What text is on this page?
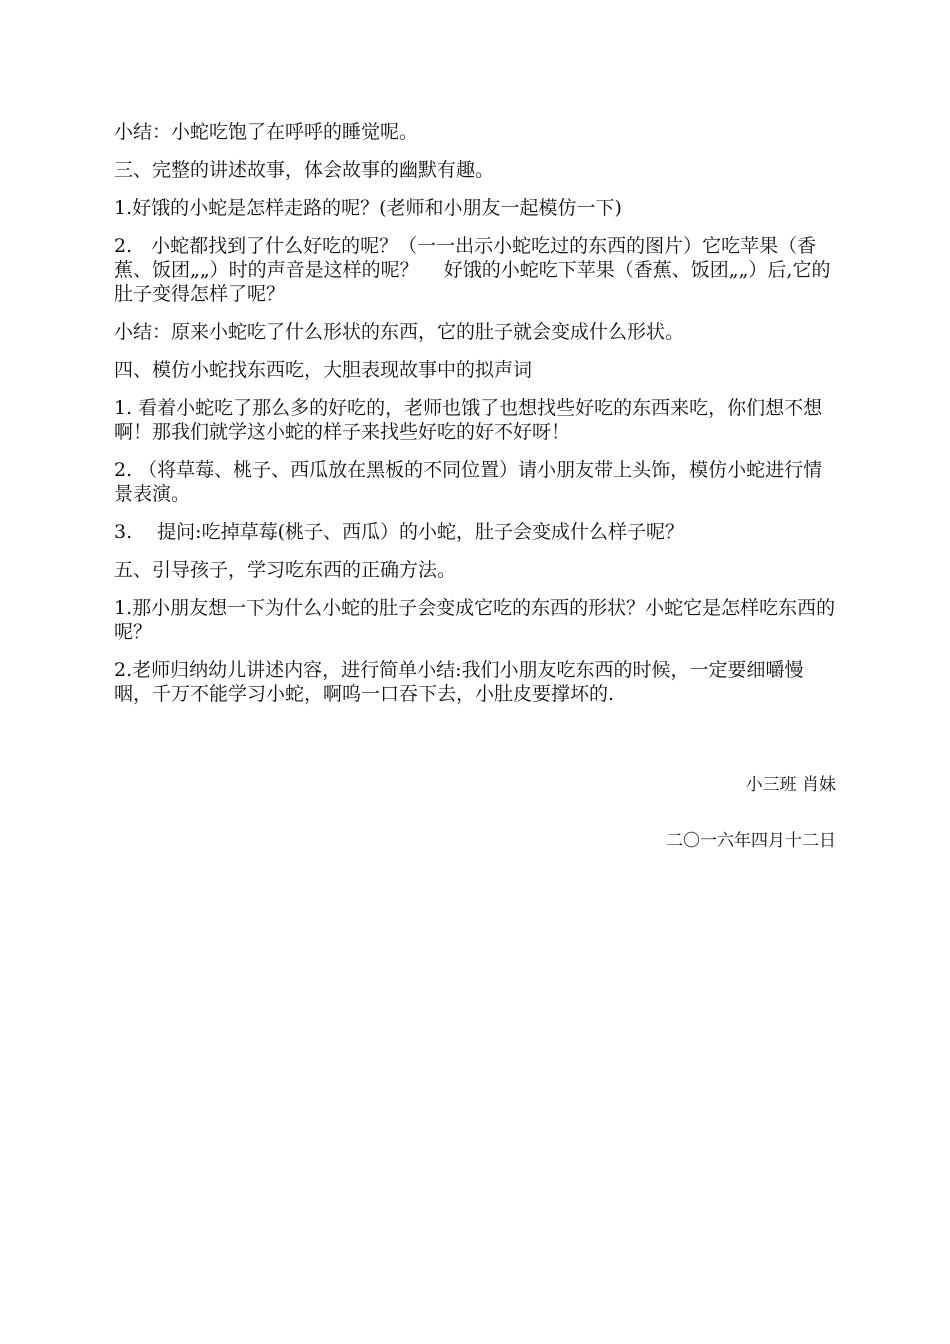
小结：小蛇吃饱了在呼呼的睡觉呢。

三、完整的讲述故事，体会故事的幽默有趣。

1.好饿的小蛇是怎样走路的呢？(老师和小朋友一起模仿一下)

2.　小蛇都找到了什么好吃的呢？（一一出示小蛇吃过的东西的图片）它吃苹果（香蕉、饭团„„）时的声音是这样的呢？　 好饿的小蛇吃下苹果（香蕉、饭团„„）后,它的肚子变得怎样了呢？

小结：原来小蛇吃了什么形状的东西，它的肚子就会变成什么形状。

四、模仿小蛇找东西吃，大胆表现故事中的拟声词

1. 看着小蛇吃了那么多的好吃的，老师也饿了也想找些好吃的东西来吃，你们想不想啊！那我们就学这小蛇的样子来找些好吃的好不好呀！

2. （将草莓、桃子、西瓜放在黑板的不同位置）请小朋友带上头饰，模仿小蛇进行情景表演。

3.　 提问:吃掉草莓(桃子、西瓜）的小蛇，肚子会变成什么样子呢？

五、引导孩子，学习吃东西的正确方法。

1.那小朋友想一下为什么小蛇的肚子会变成它吃的东西的形状？小蛇它是怎样吃东西的呢？

2.老师归纳幼儿讲述内容，进行简单小结:我们小朋友吃东西的时候，一定要细嚼慢咽，千万不能学习小蛇，啊呜一口吞下去，小肚皮要撑坏的.

小三班 肖妹
二〇一六年四月十二日
